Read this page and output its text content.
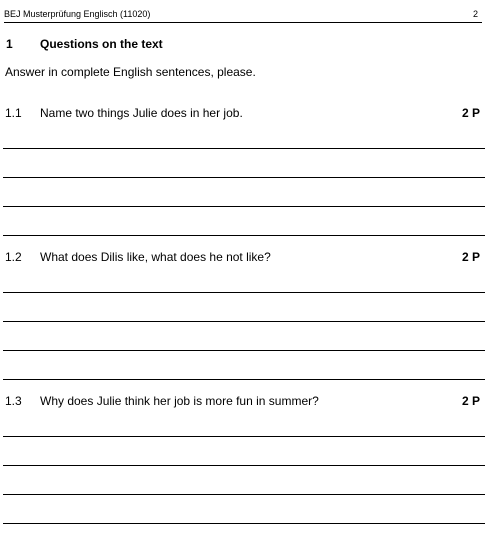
BEJ Musterprüfung Englisch (11020)	2
1 Questions on the text
Answer in complete English sentences, please.
1.1 Name two things Julie does in her job.	2 P
1.2 What does Dilis like, what does he not like?	2 P
1.3 Why does Julie think her job is more fun in summer?	2 P
